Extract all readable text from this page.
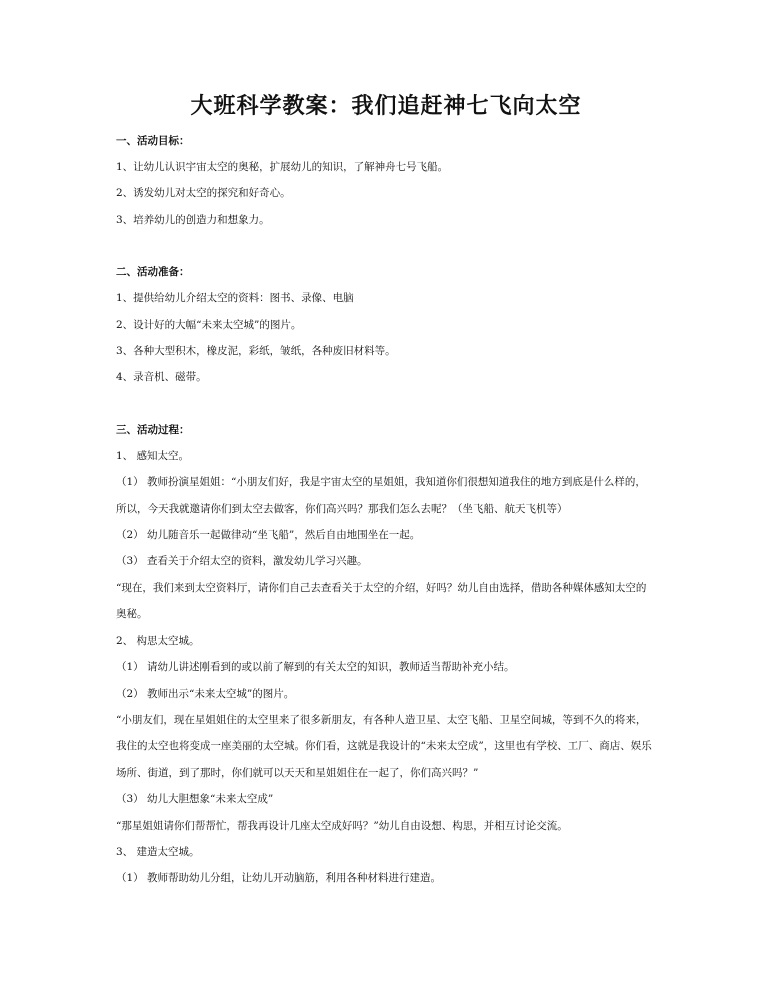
大班科学教案：我们追赶神七飞向太空
一、活动目标：
1、让幼儿认识宇宙太空的奥秘，扩展幼儿的知识，了解神舟七号飞船。
2、诱发幼儿对太空的探究和好奇心。
3、培养幼儿的创造力和想象力。
二、活动准备：
1、提供给幼儿介绍太空的资料：图书、录像、电脑
2、设计好的大幅“未来太空城”的图片。
3、各种大型积木，橡皮泥，彩纸，皱纸，各种废旧材料等。
4、录音机、磁带。
三、活动过程：
1、 感知太空。
（1） 教师扮演星姐姐：“小朋友们好，我是宇宙太空的星姐姐，我知道你们很想知道我住的地方到底是什么样的，所以，今天我就邀请你们到太空去做客，你们高兴吗？那我们怎么去呢？（坐飞船、航天飞机等）
（2） 幼儿随音乐一起做律动“坐飞船”，然后自由地围坐在一起。
（3） 查看关于介绍太空的资料，激发幼儿学习兴趣。
“现在，我们来到太空资料厅，请你们自己去查看关于太空的介绍，好吗？幼儿自由选择，借助各种媒体感知太空的奥秘。
2、 构思太空城。
（1） 请幼儿讲述刚看到的或以前了解到的有关太空的知识，教师适当帮助补充小结。
（2） 教师出示“未来太空城”的图片。
“小朋友们，现在星姐姐住的太空里来了很多新朋友，有各种人造卫星、太空飞船、卫星空间城，等到不久的将来，我住的太空也将变成一座美丽的太空城。你们看，这就是我设计的“未来太空成”，这里也有学校、工厂、商店、娱乐场所、街道，到了那时，你们就可以天天和星姐姐住在一起了，你们高兴吗？”
（3） 幼儿大胆想象“未来太空成”
“那星姐姐请你们帮帮忙，帮我再设计几座太空成好吗？”幼儿自由设想、构思，并相互讨论交流。
3、 建造太空城。
（1） 教师帮助幼儿分组，让幼儿开动脑筋，利用各种材料进行建造。
